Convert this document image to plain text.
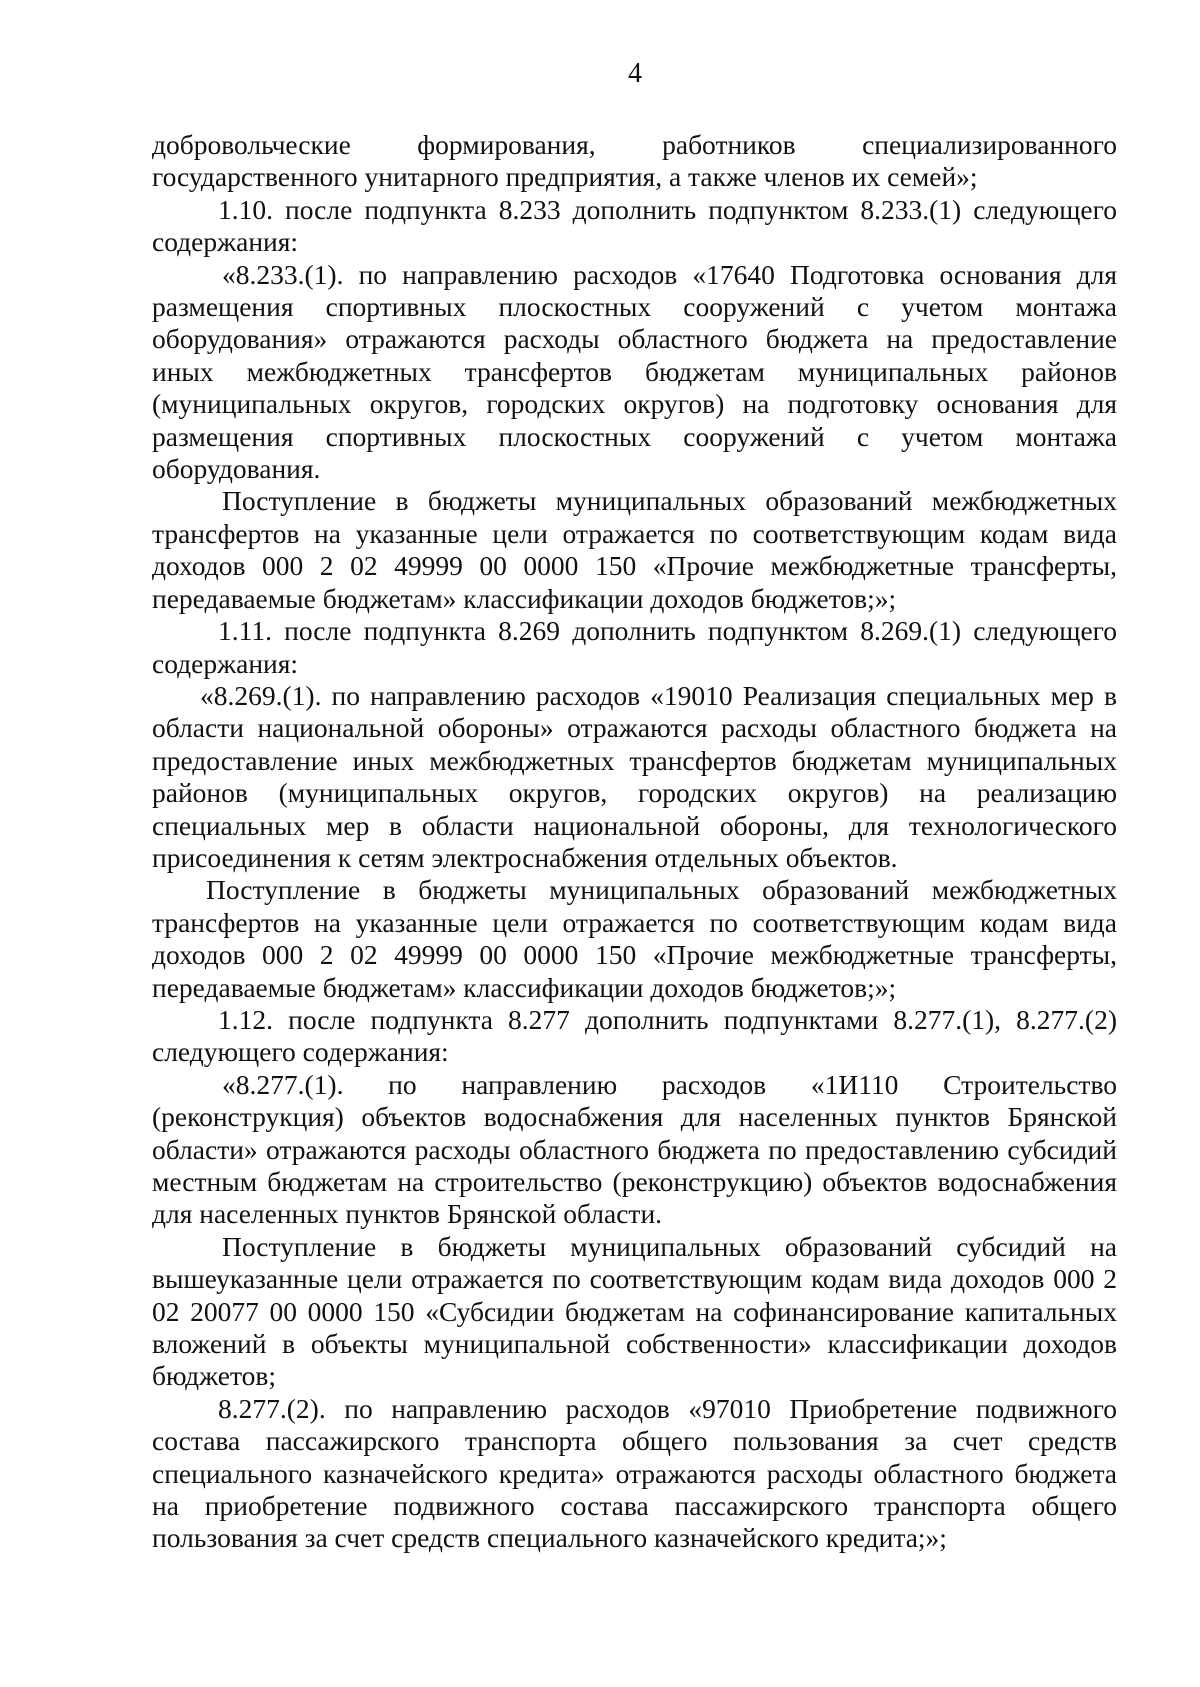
4

добровольческие формирования, работников специализированного государственного унитарного предприятия, а также членов их семей»;

1.10. после подпункта 8.233 дополнить подпунктом 8.233.(1) следующего содержания:

«8.233.(1). по направлению расходов «17640 Подготовка основания для размещения спортивных плоскостных сооружений с учетом монтажа оборудования» отражаются расходы областного бюджета на предоставление иных межбюджетных трансфертов бюджетам муниципальных районов (муниципальных округов, городских округов) на подготовку основания для размещения спортивных плоскостных сооружений с учетом монтажа оборудования.

Поступление в бюджеты муниципальных образований межбюджетных трансфертов на указанные цели отражается по соответствующим кодам вида доходов 000 2 02 49999 00 0000 150 «Прочие межбюджетные трансферты, передаваемые бюджетам» классификации доходов бюджетов;»;

1.11. после подпункта 8.269 дополнить подпунктом 8.269.(1) следующего содержания:

«8.269.(1). по направлению расходов «19010 Реализация специальных мер в области национальной обороны» отражаются расходы областного бюджета на предоставление иных межбюджетных трансфертов бюджетам муниципальных районов (муниципальных округов, городских округов) на реализацию специальных мер в области национальной обороны, для технологического присоединения к сетям электроснабжения отдельных объектов.

Поступление в бюджеты муниципальных образований межбюджетных трансфертов на указанные цели отражается по соответствующим кодам вида доходов 000 2 02 49999 00 0000 150 «Прочие межбюджетные трансферты, передаваемые бюджетам» классификации доходов бюджетов;»;

1.12. после подпункта 8.277 дополнить подпунктами 8.277.(1), 8.277.(2) следующего содержания:

«8.277.(1). по направлению расходов «1И110 Строительство (реконструкция) объектов водоснабжения для населенных пунктов Брянской области» отражаются расходы областного бюджета по предоставлению субсидий местным бюджетам на строительство (реконструкцию) объектов водоснабжения для населенных пунктов Брянской области.

Поступление в бюджеты муниципальных образований субсидий на вышеуказанные цели отражается по соответствующим кодам вида доходов 000 2 02 20077 00 0000 150 «Субсидии бюджетам на софинансирование капитальных вложений в объекты муниципальной собственности» классификации доходов бюджетов;

8.277.(2). по направлению расходов «97010 Приобретение подвижного состава пассажирского транспорта общего пользования за счет средств специального казначейского кредита» отражаются расходы областного бюджета на приобретение подвижного состава пассажирского транспорта общего пользования за счет средств специального казначейского кредита;»;
